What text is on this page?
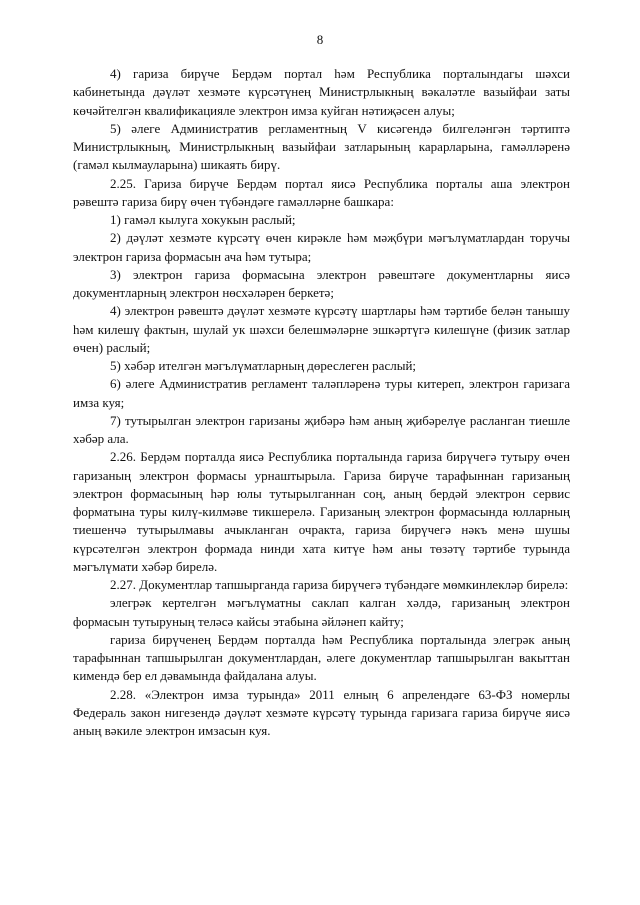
8

4) гариза бирүче Бердәм портал һәм Республика порталындагы шәхси кабинетында дәүләт хезмәте күрсәтүнең Министрлыкның вәкаләтле вазыйфаи заты көчәйтелгән квалификацияле электрон имза куйган нәтиҗәсен алуы;

5) әлеге Административ регламентның V кисәгендә билгеләнгән тәртиптә Министрлыкның, Министрлыкның вазыйфаи затларының карарларына, гамәлләренә (гамәл кылмауларына) шикаять бирү.

2.25. Гариза бирүче Бердәм портал яисә Республика порталы аша электрон рәвештә гариза бирү өчен түбәндәге гамәлләрне башкара:

1) гамәл кылуга хокукын раслый;

2) дәүләт хезмәте күрсәтү өчен кирәкле һәм мәҗбүри мәгълүматлардан торучы электрон гариза формасын ача һәм тутыра;

3) электрон гариза формасына электрон рәвештәге документларны яисә документларның электрон нөсхәләрен беркетә;

4) электрон рәвештә дәүләт хезмәте күрсәтү шартлары һәм тәртибе белән танышу һәм килешү фактын, шулай ук шәхси белешмәләрне эшкәртүгә килешүне (физик затлар өчен) раслый;

5) хәбәр ителгән мәгълүматларның дөреслеген раслый;

6) әлеге Административ регламент таләпләренә туры китереп, электрон гаризага имза куя;

7) тутырылган электрон гаризаны җибәрә һәм аның җибәрелүе расланган тиешле хәбәр ала.

2.26. Бердәм порталда яисә Республика порталында гариза бирүчегә тутыру өчен гаризаның электрон формасы урнаштырыла. Гариза бирүче тарафыннан гаризаның электрон формасының һәр юлы тутырылганнан соң, аның бердәй электрон сервис форматына туры килү-килмәве тикшерелә. Гаризаның электрон формасында юлларның тиешенчә тутырылмавы ачыкланган очракта, гариза бирүчегә нәкъ менә шушы күрсәтелгән электрон формада нинди хата китүе һәм аны төзәтү тәртибе турында мәгълүмати хәбәр бирелә.

2.27. Документлар тапшырганда гариза бирүчегә түбәндәге мөмкинлекләр бирелә:

элегрәк кертелгән мәгълүматны саклап калган хәлдә, гаризаның электрон формасын тутыруның теләсә кайсы этабына әйләнеп кайту;

гариза бирүченең Бердәм порталда һәм Республика порталында элегрәк аның тарафыннан тапшырылган документлардан, әлеге документлар тапшырылган вакыттан кимендә бер ел дәвамында файдалана алуы.

2.28. «Электрон имза турында» 2011 елның 6 апрелендәге 63-ФЗ номерлы Федераль закон нигезендә дәүләт хезмәте күрсәтү турында гаризага гариза бирүче яисә аның вәкиле электрон имзасын куя.
